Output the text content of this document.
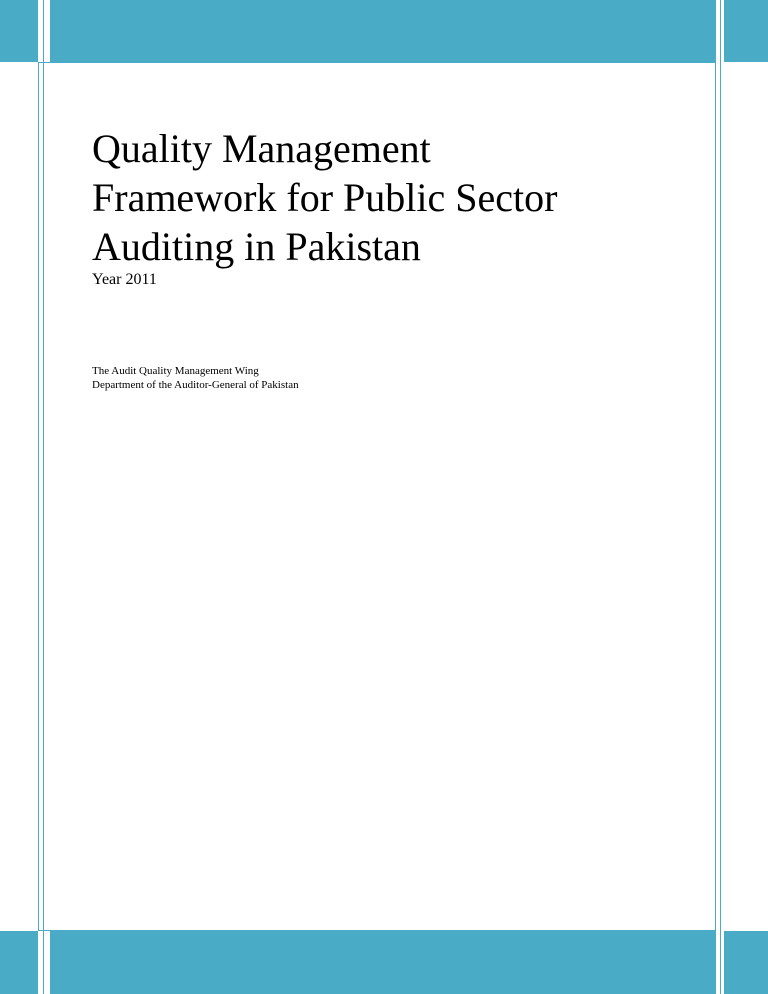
Quality Management
Framework for Public Sector
Auditing in Pakistan

Year 2011

The Audit Quality Management Wing
Department of the Auditor-General of Pakistan
